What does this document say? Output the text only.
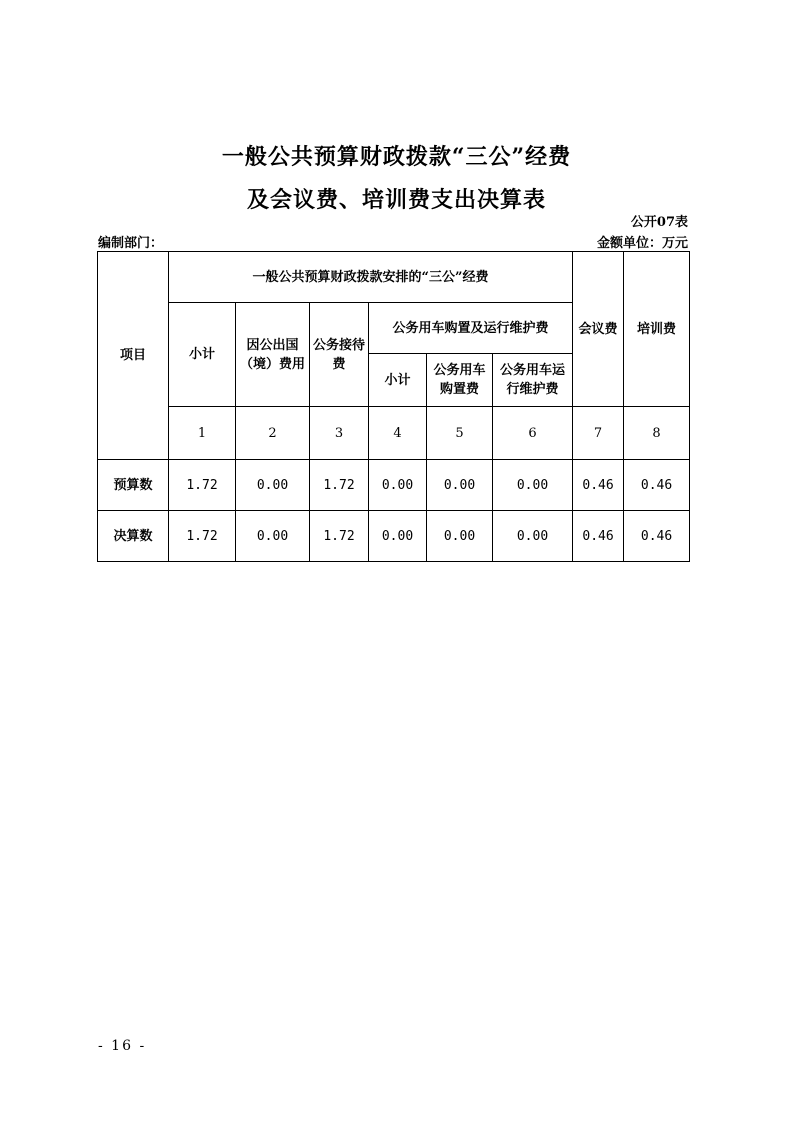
一般公共预算财政拨款“三公”经费
及会议费、培训费支出决算表
公开07表
编制部门：	金额单位：万元
项目	一般公共预算财政拨款安排的“三公”经费						会议费	培训费
	小计	因公出国（境）费用	公务接待费	公务用车购置及运行维护费				
				小计	公务用车购置费	公务用车运行维护费		
	1	2	3	4	5	6	7	8
预算数	1.72	0.00	1.72	0.00	0.00	0.00	0.46	0.46
决算数	1.72	0.00	1.72	0.00	0.00	0.00	0.46	0.46
- 16 -
